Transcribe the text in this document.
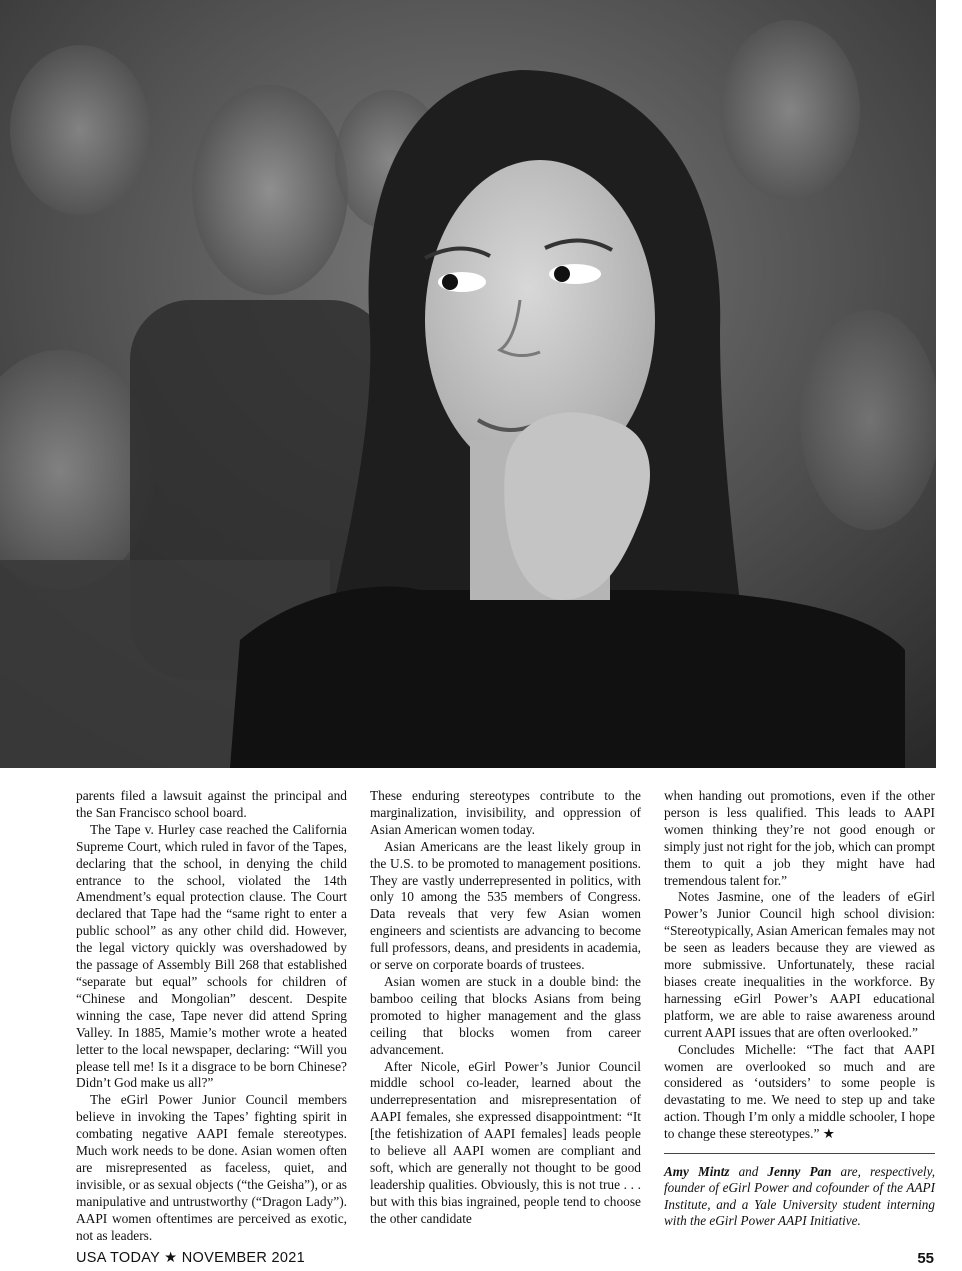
parents filed a lawsuit against the principal and the San Francisco school board.

The Tape v. Hurley case reached the California Supreme Court, which ruled in favor of the Tapes, declaring that the school, in denying the child entrance to the school, violated the 14th Amendment’s equal protection clause. The Court declared that Tape had the “same right to enter a public school” as any other child did. However, the legal victory quickly was overshadowed by the passage of Assembly Bill 268 that established “separate but equal” schools for children of “Chinese and Mongolian” descent. Despite winning the case, Tape never did attend Spring Valley. In 1885, Mamie’s mother wrote a heated letter to the local newspaper, declaring: “Will you please tell me! Is it a disgrace to be born Chinese? Didn’t God make us all?”

The eGirl Power Junior Council members believe in invoking the Tapes’ fighting spirit in combating negative AAPI female stereotypes. Much work needs to be done. Asian women often are misrepresented as faceless, quiet, and invisible, or as sexual objects (“the Geisha”), or as manipulative and untrustworthy (“Dragon Lady”). AAPI women oftentimes are perceived as exotic, not as leaders.

These enduring stereotypes contribute to the marginalization, invisibility, and oppression of Asian American women today.

Asian Americans are the least likely group in the U.S. to be promoted to management positions. They are vastly underrepresented in politics, with only 10 among the 535 members of Congress. Data reveals that very few Asian women engineers and scientists are advancing to become full professors, deans, and presidents in academia, or serve on corporate boards of trustees.

Asian women are stuck in a double bind: the bamboo ceiling that blocks Asians from being promoted to higher management and the glass ceiling that blocks women from career advancement.

After Nicole, eGirl Power’s Junior Council middle school co-leader, learned about the underrepresentation and misrepresentation of AAPI females, she expressed disappointment: “It [the fetishization of AAPI females] leads people to believe all AAPI women are compliant and soft, which are generally not thought to be good leadership qualities. Obviously, this is not true . . . but with this bias ingrained, people tend to choose the other candidate

when handing out promotions, even if the other person is less qualified. This leads to AAPI women thinking they’re not good enough or simply just not right for the job, which can prompt them to quit a job they might have had tremendous talent for.”

Notes Jasmine, one of the leaders of eGirl Power’s Junior Council high school division: “Stereotypically, Asian American females may not be seen as leaders because they are viewed as more submissive. Unfortunately, these racial biases create inequalities in the workforce. By harnessing eGirl Power’s AAPI educational platform, we are able to raise awareness around current AAPI issues that are often overlooked.”

Concludes Michelle: “The fact that AAPI women are overlooked so much and are considered as ‘outsiders’ to some people is devastating to me. We need to step up and take action. Though I’m only a middle schooler, I hope to change these stereotypes.” ★

Amy Mintz and Jenny Pan are, respectively, founder of eGirl Power and cofounder of the AAPI Institute, and a Yale University student interning with the eGirl Power AAPI Initiative.
USA TODAY ★ NOVEMBER 2021	55
